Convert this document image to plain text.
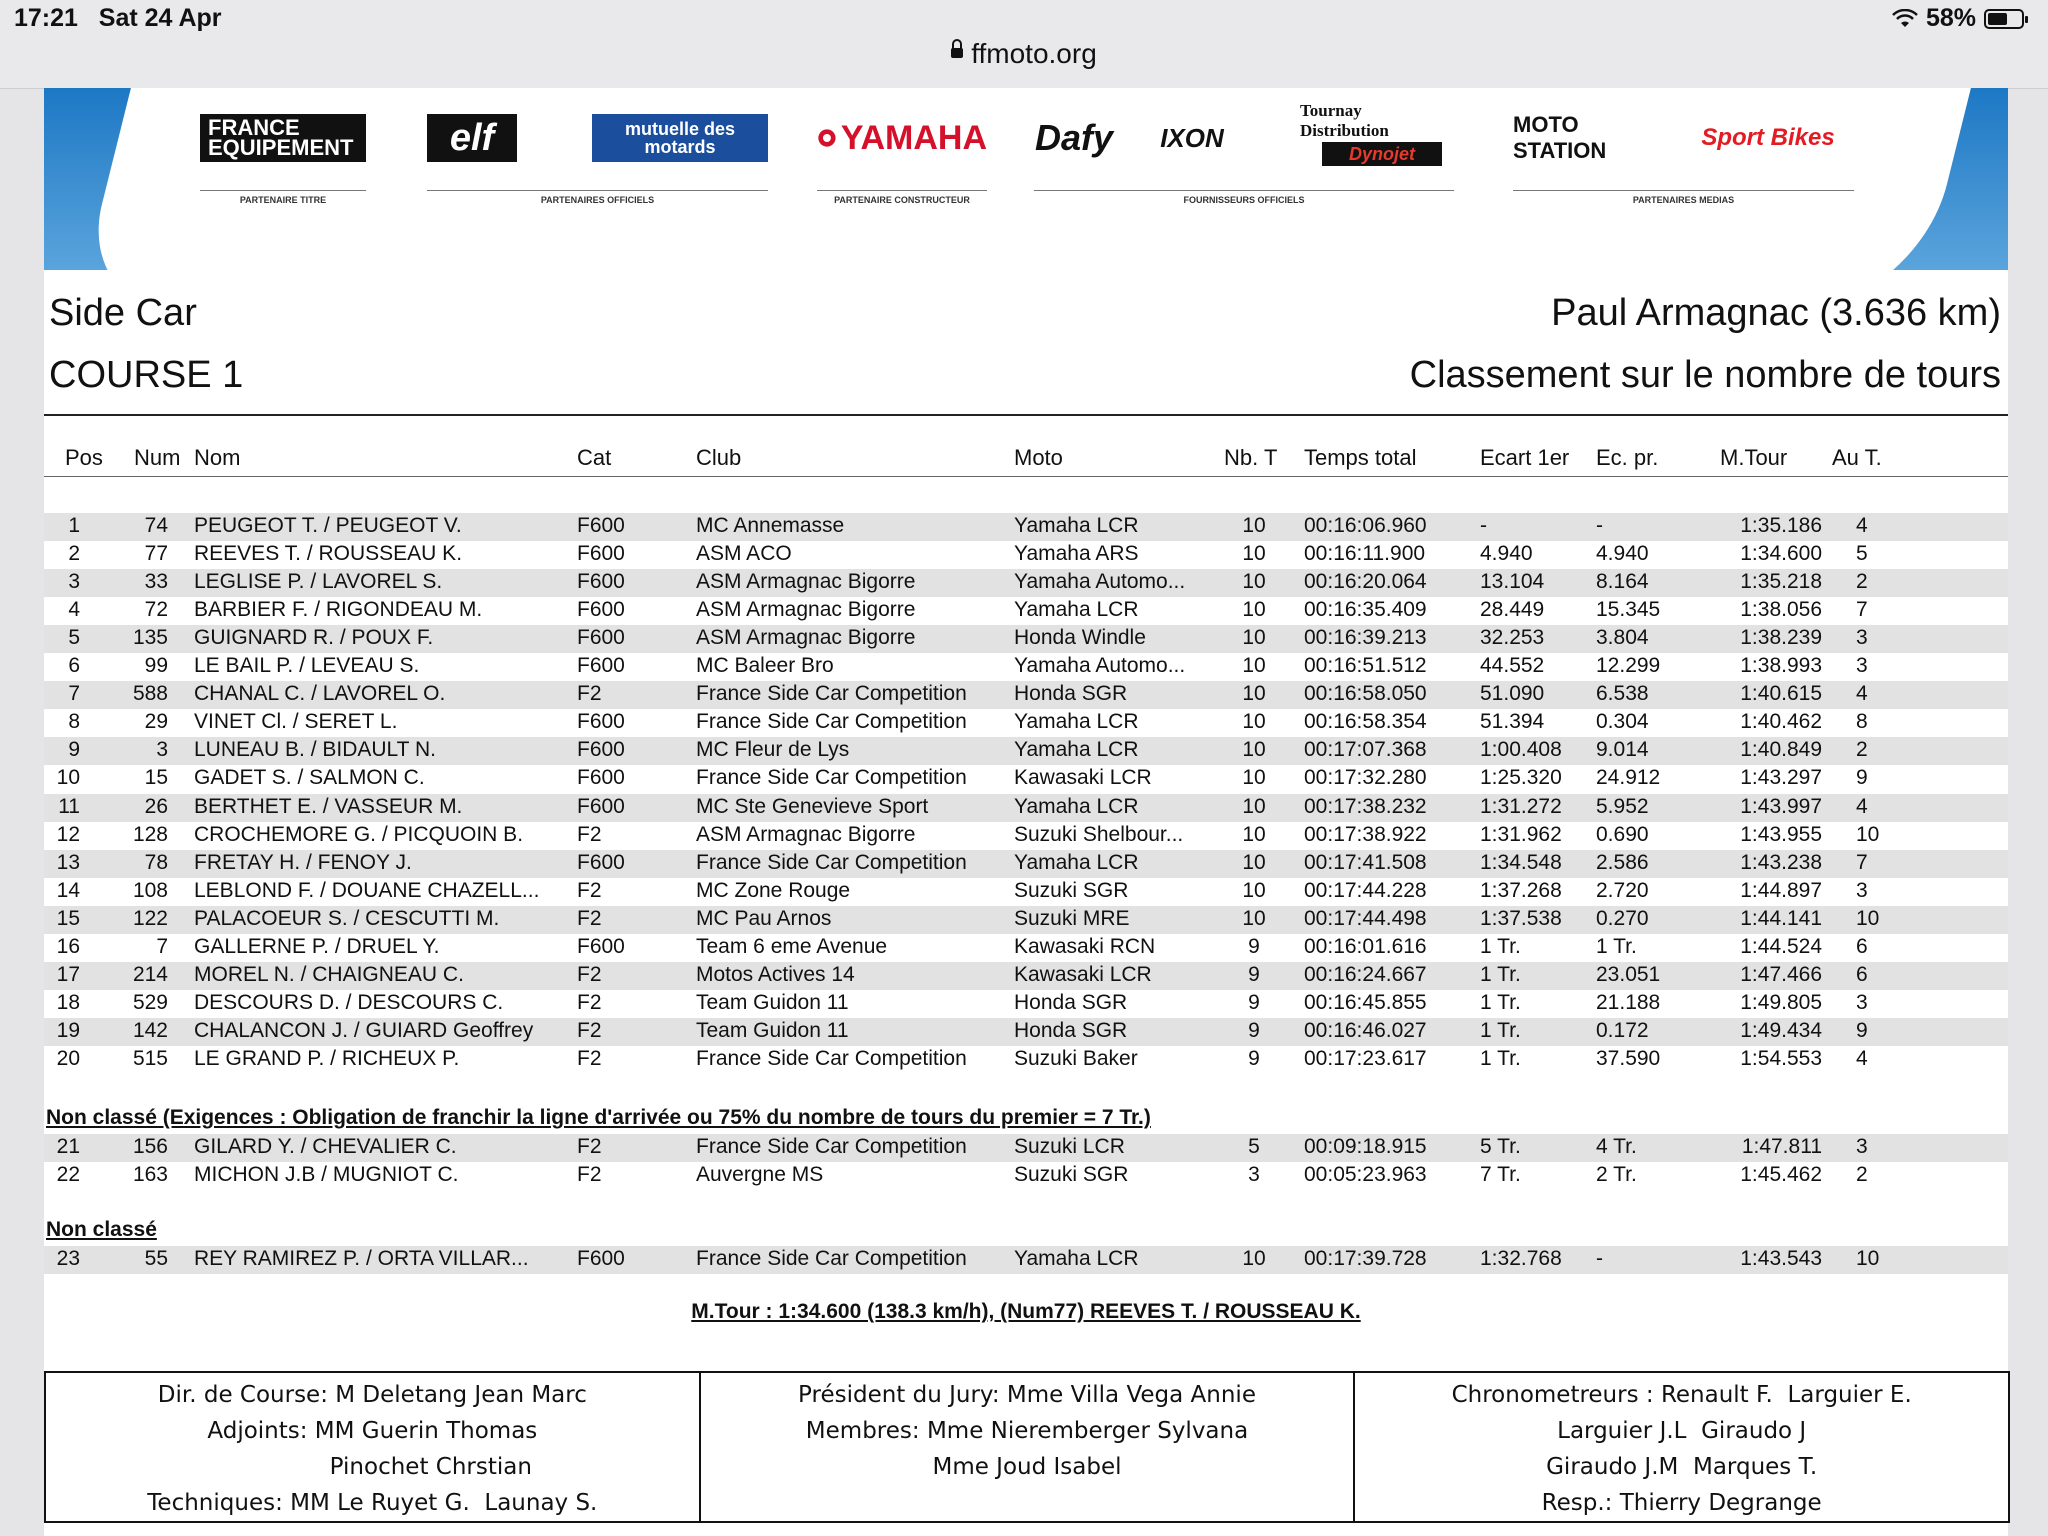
17:21 Sat 24 Apr	58%
ffmoto.org
FRANCE EQUIPEMENT	elf	mutuelle des motards	YAMAHA Dafy IXON
Tournay Distribution
Dynojet
MOTO STATION	Sport Bikes
PARTENAIRE TITRE	PARTENAIRES OFFICIELS	PARTENAIRE CONSTRUCTEUR	FOURNISSEURS OFFICIELS	PARTENAIRES MEDIAS
Side Car
COURSE 1
Paul Armagnac (3.636 km)
Classement sur le nombre de tours
Pos Num Nom	Cat	Club	Moto	Nb. T Temps total	Ecart 1er Ec. pr.	M.Tour Au T.
1	74 PEUGEOT T. / PEUGEOT V.	F600	MC Annemasse	Yamaha LCR	10	00:16:06.960	-	-	1:35.186 4
2	77 REEVES T. / ROUSSEAU K.	F600	ASM ACO	Yamaha ARS	10	00:16:11.900	4.940	4.940	1:34.600 5
3	33 LEGLISE P. / LAVOREL S.	F600	ASM Armagnac Bigorre	Yamaha Automo...	10	00:16:20.064	13.104	8.164	1:35.218 2
4	72 BARBIER F. / RIGONDEAU M.	F600	ASM Armagnac Bigorre	Yamaha LCR	10	00:16:35.409	28.449	15.345	1:38.056 7
5	135 GUIGNARD R. / POUX F.	F600	ASM Armagnac Bigorre	Honda Windle	10	00:16:39.213	32.253	3.804	1:38.239 3
6	99 LE BAIL P. / LEVEAU S.	F600	MC Baleer Bro	Yamaha Automo...	10	00:16:51.512	44.552	12.299	1:38.993 3
7	588 CHANAL C. / LAVOREL O.	F2	France Side Car Competition	Honda SGR	10	00:16:58.050	51.090	6.538	1:40.615 4
8	29 VINET Cl. / SERET L.	F600	France Side Car Competition	Yamaha LCR	10	00:16:58.354	51.394	0.304	1:40.462 8
9	3 LUNEAU B. / BIDAULT N.	F600	MC Fleur de Lys	Yamaha LCR	10	00:17:07.368	1:00.408	9.014	1:40.849 2
10	15 GADET S. / SALMON C.	F600	France Side Car Competition	Kawasaki LCR	10	00:17:32.280	1:25.320	24.912	1:43.297 9
11	26 BERTHET E. / VASSEUR M.	F600	MC Ste Genevieve Sport	Yamaha LCR	10	00:17:38.232	1:31.272	5.952	1:43.997 4
12	128 CROCHEMORE G. / PICQUOIN B.	F2	ASM Armagnac Bigorre	Suzuki Shelbour...	10	00:17:38.922	1:31.962	0.690	1:43.955 10
13	78 FRETAY H. / FENOY J.	F600	France Side Car Competition	Yamaha LCR	10	00:17:41.508	1:34.548	2.586	1:43.238 7
14	108 LEBLOND F. / DOUANE CHAZELL...	F2	MC Zone Rouge	Suzuki SGR	10	00:17:44.228	1:37.268	2.720	1:44.897 3
15	122 PALACOEUR S. / CESCUTTI M.	F2	MC Pau Arnos	Suzuki MRE	10	00:17:44.498	1:37.538	0.270	1:44.141 10
16	7 GALLERNE P. / DRUEL Y.	F600	Team 6 eme Avenue	Kawasaki RCN	9	00:16:01.616	1 Tr.	1 Tr.	1:44.524 6
17	214 MOREL N. / CHAIGNEAU C.	F2	Motos Actives 14	Kawasaki LCR	9	00:16:24.667	1 Tr.	23.051	1:47.466 6
18	529 DESCOURS D. / DESCOURS C.	F2	Team Guidon 11	Honda SGR	9	00:16:45.855	1 Tr.	21.188	1:49.805 3
19	142 CHALANCON J. / GUIARD Geoffrey	F2	Team Guidon 11	Honda SGR	9	00:16:46.027	1 Tr.	0.172	1:49.434 9
20	515 LE GRAND P. / RICHEUX P.	F2	France Side Car Competition	Suzuki Baker	9	00:17:23.617	1 Tr.	37.590	1:54.553 4
Non classé (Exigences : Obligation de franchir la ligne d'arrivée ou 75% du nombre de tours du premier = 7 Tr.)
21	156 GILARD Y. / CHEVALIER C.	F2	France Side Car Competition	Suzuki LCR	5	00:09:18.915	5 Tr.	4 Tr.	1:47.811 3
22	163 MICHON J.B / MUGNIOT C.	F2	Auvergne MS	Suzuki SGR	3	00:05:23.963	7 Tr.	2 Tr.	1:45.462 2
Non classé
23	55 REY RAMIREZ P. / ORTA VILLAR...	F600	France Side Car Competition	Yamaha LCR	10	00:17:39.728	1:32.768	-	1:43.543 10
M.Tour : 1:34.600 (138.3 km/h), (Num77) REEVES T. / ROUSSEAU K.
Dir. de Course: M Deletang Jean Marc
Adjoints: MM Guerin Thomas
Pinochet Chrstian
Techniques: MM Le Ruyet G.  Launay S.
Président du Jury: Mme Villa Vega Annie
Membres: Mme Nieremberger Sylvana
Mme Joud Isabel
Chronometreurs : Renault F.  Larguier E.
Larguier J.L  Giraudo J
Giraudo J.M  Marques T.
Resp.: Thierry Degrange
